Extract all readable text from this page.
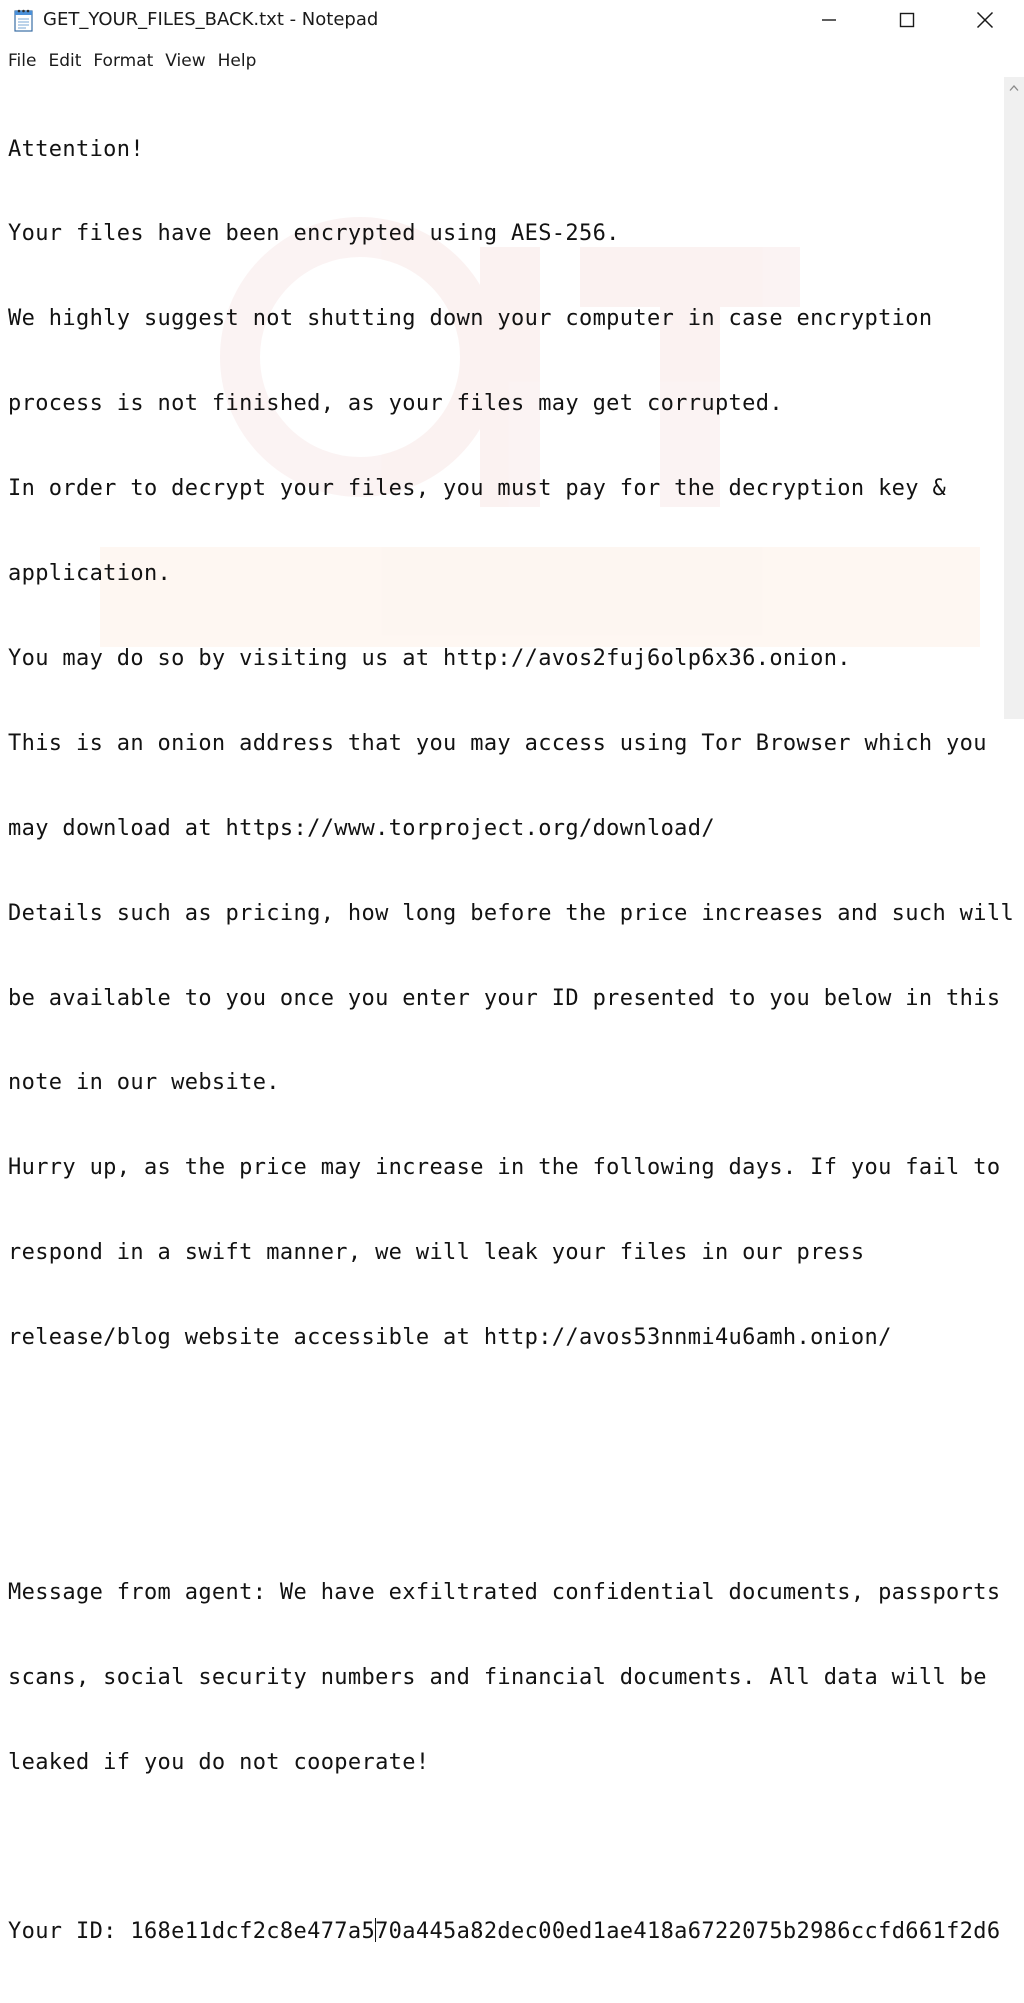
GET_YOUR_FILES_BACK.txt - Notepad
File Edit Format View Help

Attention!

Your files have been encrypted using AES-256.

We highly suggest not shutting down your computer in case encryption

process is not finished, as your files may get corrupted.

In order to decrypt your files, you must pay for the decryption key &

application.

You may do so by visiting us at http://avos2fuj6olp6x36.onion.

This is an onion address that you may access using Tor Browser which you

may download at https://www.torproject.org/download/

Details such as pricing, how long before the price increases and such will

be available to you once you enter your ID presented to you below in this

note in our website.

Hurry up, as the price may increase in the following days. If you fail to

respond in a swift manner, we will leak your files in our press

release/blog website accessible at http://avos53nnmi4u6amh.onion/

Message from agent: We have exfiltrated confidential documents, passports

scans, social security numbers and financial documents. All data will be

leaked if you do not cooperate!

Your ID: 168e11dcf2c8e477a570a445a82dec00ed1ae418a6722075b2986ccfd661f2d6
